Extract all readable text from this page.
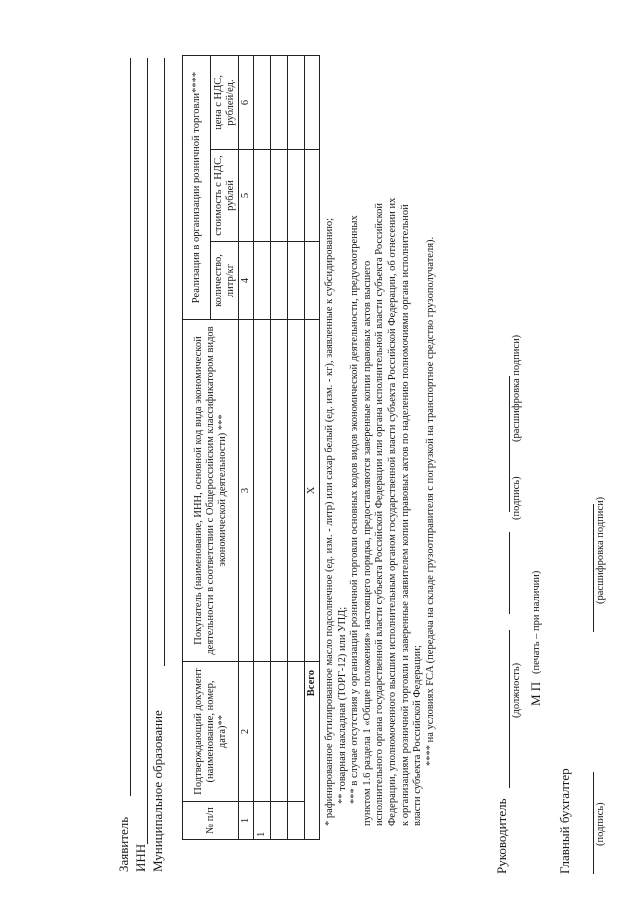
Заявитель ИНН Муниципальное образование	№ п/п	Подтверждающий документ (наименование, номер, дата)**	Покупатель (наименование, ИНН, основной код вида экономической деятельности в соответствии с Общероссийским классификатором видов экономической деятельности) ***	Реализация в организации розничной торговли****		
			количество, литр/кг	стоимость с НДС, рублей	цена с НДС, рублей/ед.
1	2	3	4	5	6
1					

Всего		Х			* рафинированное бутилированное масло подсолнечное (ед. изм. - литр) или сахар белый (ед. изм. - кг), заявленные к субсидированию; ** товарная накладная (ТОРГ-12) или УПД; *** в случае отсутствия у организаций розничной торговли основных кодов видов экономической деятельности, предусмотренных пунктом 1.6 раздела 1 «Общие положения» настоящего порядка, предоставляются заверенные копии правовых актов высшего исполнительного органа государственной власти субъекта Российской Федерации или органа исполнительной власти субъекта Российской Федерации, уполномоченного высшим исполнительным органом государственной власти субъекта Российской Федерации, об отнесении их к организациям розничной торговли и заверенные заявителем копии правовых актов по наделению полномочиями органа исполнительной власти субъекта Российской Федерации; **** на условиях FCA (передача на складе грузоотправителя с погрузкой на транспортное средство грузополучателя).

Руководитель
(должность)
(подпись)
(расшифровка подписи)
М П
(печать – при наличии)
Главный бухгалтер (подпись)
(расшифровка подписи)
